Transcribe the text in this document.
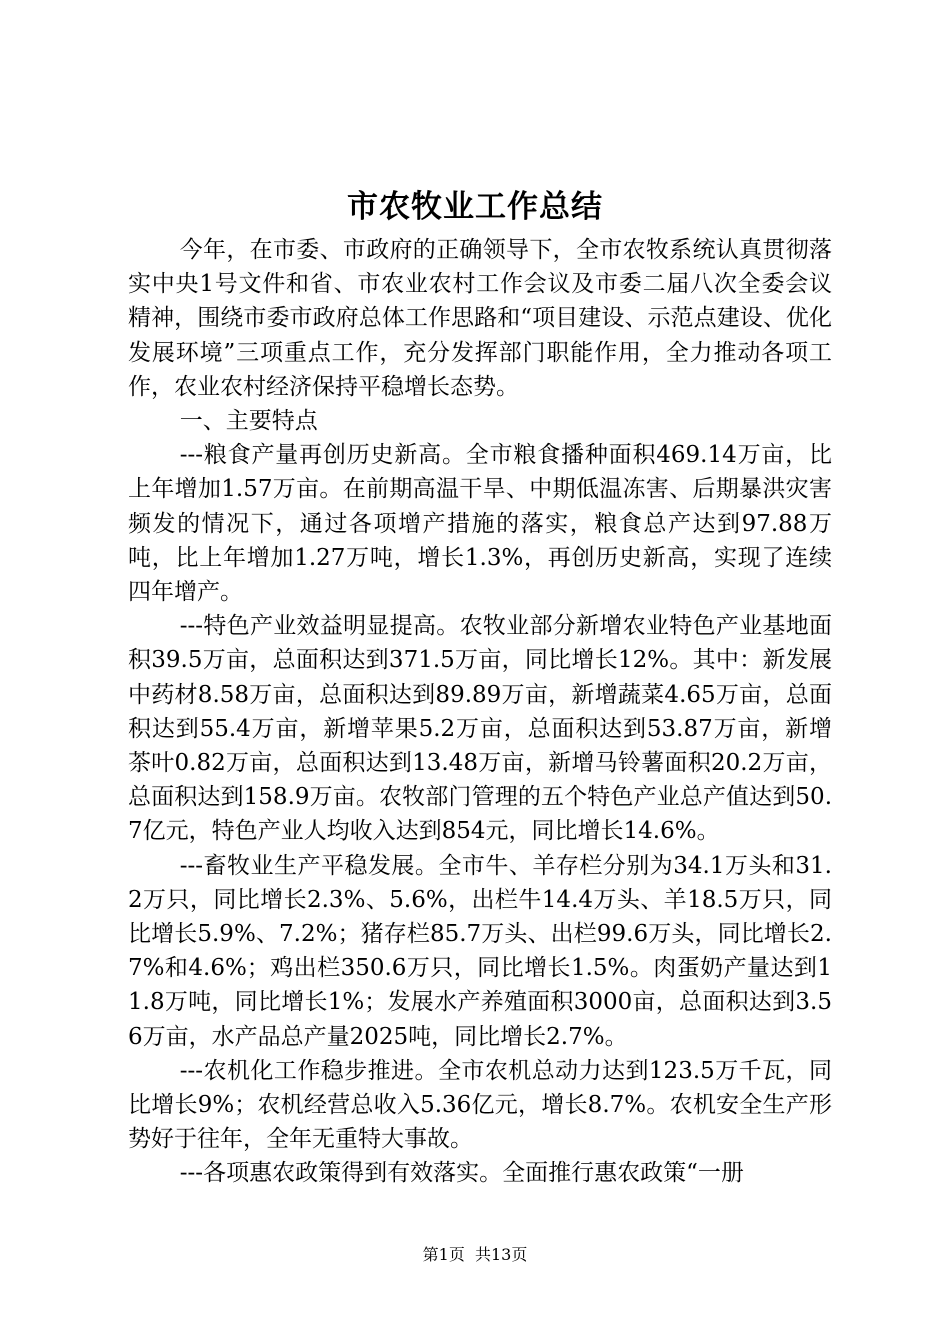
市农牧业工作总结

今年，在市委、市政府的正确领导下，全市农牧系统认真贯彻落实中央1号文件和省、市农业农村工作会议及市委二届八次全委会议精神，围绕市委市政府总体工作思路和“项目建设、示范点建设、优化发展环境”三项重点工作，充分发挥部门职能作用，全力推动各项工作，农业农村经济保持平稳增长态势。

一、主要特点

---粮食产量再创历史新高。全市粮食播种面积469.14万亩，比上年增加1.57万亩。在前期高温干旱、中期低温冻害、后期暴洪灾害频发的情况下，通过各项增产措施的落实，粮食总产达到97.88万吨，比上年增加1.27万吨，增长1.3%，再创历史新高，实现了连续四年增产。

---特色产业效益明显提高。农牧业部分新增农业特色产业基地面积39.5万亩，总面积达到371.5万亩，同比增长12%。其中：新发展中药材8.58万亩，总面积达到89.89万亩，新增蔬菜4.65万亩，总面积达到55.4万亩，新增苹果5.2万亩，总面积达到53.87万亩，新增茶叶0.82万亩，总面积达到13.48万亩，新增马铃薯面积20.2万亩，总面积达到158.9万亩。农牧部门管理的五个特色产业总产值达到50.7亿元，特色产业人均收入达到854元，同比增长14.6%。

---畜牧业生产平稳发展。全市牛、羊存栏分别为34.1万头和31.2万只，同比增长2.3%、5.6%，出栏牛14.4万头、羊18.5万只，同比增长5.9%、7.2%；猪存栏85.7万头、出栏99.6万头，同比增长2.7%和4.6%；鸡出栏350.6万只，同比增长1.5%。肉蛋奶产量达到11.8万吨，同比增长1%；发展水产养殖面积3000亩，总面积达到3.56万亩，水产品总产量2025吨，同比增长2.7%。

---农机化工作稳步推进。全市农机总动力达到123.5万千瓦，同比增长9%；农机经营总收入5.36亿元，增长8.7%。农机安全生产形势好于往年，全年无重特大事故。

---各项惠农政策得到有效落实。全面推行惠农政策“一册

第1页  共13页
